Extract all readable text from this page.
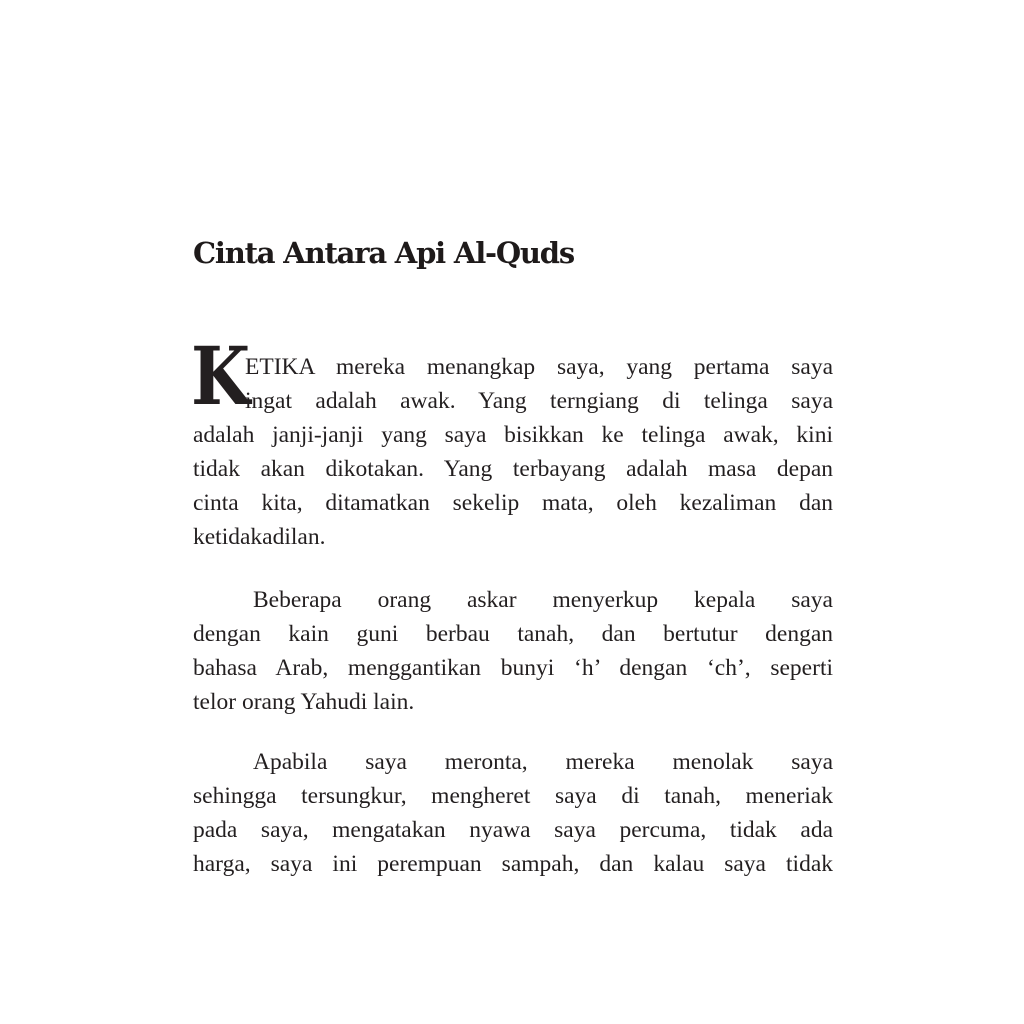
Cinta Antara Api Al-Quds
K
ETIKA mereka menangkap saya, yang pertama saya
ingat adalah awak. Yang terngiang di telinga saya
adalah janji-janji yang saya bisikkan ke telinga awak, kini
tidak akan dikotakan. Yang terbayang adalah masa depan
cinta kita, ditamatkan sekelip mata, oleh kezaliman dan
ketidakadilan.
Beberapa orang askar menyerkup kepala saya
dengan kain guni berbau tanah, dan bertutur dengan
bahasa Arab, menggantikan bunyi ‘h’ dengan ‘ch’, seperti
telor orang Yahudi lain.
Apabila saya meronta, mereka menolak saya
sehingga tersungkur, mengheret saya di tanah, meneriak
pada saya, mengatakan nyawa saya percuma, tidak ada
harga, saya ini perempuan sampah, dan kalau saya tidak
